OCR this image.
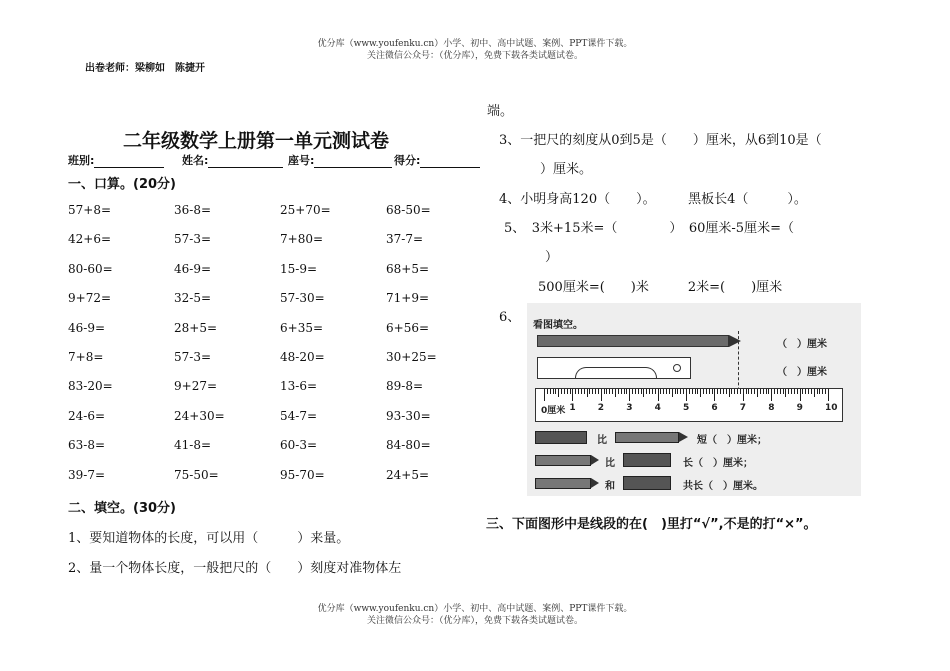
优分库（www.youfenku.cn）小学、初中、高中试题、案例、PPT课件下载。
关注微信公众号：（优分库），免费下载各类试题试卷。
出卷老师：梁柳如　陈捷开
二年级数学上册第一单元测试卷
班别:	姓名:	座号:	得分:
一、口算。(20分)
57+8=	36-8=	25+70=	68-50=
42+6=	57-3=	7+80=	37-7=
80-60=	46-9=	15-9=	68+5=
9+72=	32-5=	57-30=	71+9=
46-9=	28+5=	6+35=	6+56=
7+8=	57-3=	48-20=	30+25=
83-20=	9+27=	13-6=	89-8=
24-6=	24+30=	54-7=	93-30=
63-8=	41-8=	60-3=	84-80=
39-7=	75-50=	95-70=	24+5=
二、填空。(30分)
1、要知道物体的长度，可以用（　　　）来量。
2、量一个物体长度，一般把尺的（　　）刻度对准物体左
端。
3、一把尺的刻度从0到5是（　　）厘米，从6到10是（
）厘米。
4、小明身高120（　　）。　　　黑板长4（　　　）。
5、　3米+15米=（　　　　）　60厘米-5厘米=（
）
500厘米=(　　)米　　　2米=(　　)厘米
6、
看图填空。
（　）厘米
（　）厘米
0厘米 1 2 3 4 5 6 7 8 9 10
比	短（　）厘米；
比	长（　）厘米；
和	共长（　）厘米。
三、下面图形中是线段的在(　)里打“√”,不是的打“×”。
优分库（www.youfenku.cn）小学、初中、高中试题、案例、PPT课件下载。
关注微信公众号：（优分库），免费下载各类试题试卷。
